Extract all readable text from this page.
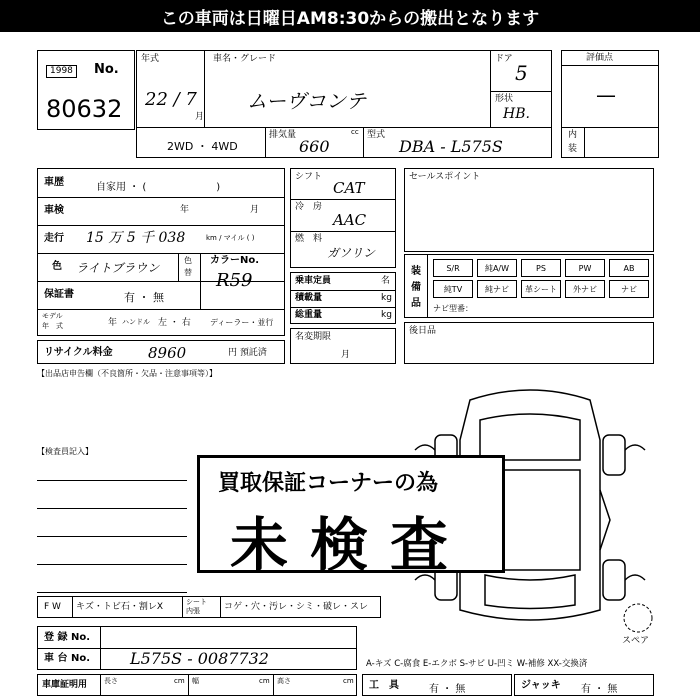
この車両は日曜日AM8:30からの搬出となります
1998	No.
80632
年式
22 / 7
月
車名・グレード
ムーヴコンテ
ドア
5
形状
HB.
2WD ・ 4WD
排気量
660
cc 型式
DBA - L575S
評価点
—
内
装
車歴	自家用 ・ (　　　　　　　)
車検	年	月
走行 15 万 5 千 038	km / マイル ( )
色 ライトブラウン
色
替
カラーNo.
R59
保証書	有 ・ 無
モデル
年　式	年 ハンドル 左 ・ 右 ディーラー・並行
シフト
CAT
冷　房
AAC
燃　料
ガソリン
乗車定員	名
積載量	kg
総重量	kg
名変期限
月
セールスポイント
装
備
品
S/R	純A/W	PS	PW	AB
純TV	純ナビ	革シート	外ナビ	ナビ
ナビ型番：
後日品
リサイクル料金 8960	円 預託済
【出品店申告欄（不良箇所・欠品・注意事項等）】
【検査員記入】
スペア
買取保証コーナーの為
未検査
F W キズ・トビ石・割レX	シート
内張	コゲ・穴・汚レ・シミ・破レ・スレ
登 録 No.
車 台 No. L575S - 0087732
車庫証明用 長さ	cm 幅	cm 高さ	cm
A-キズ C-腐食 E-エクボ S-サビ U-凹ミ W-補修 XX-交換済
工　具	有 ・ 無	ジャッキ 有 ・ 無
